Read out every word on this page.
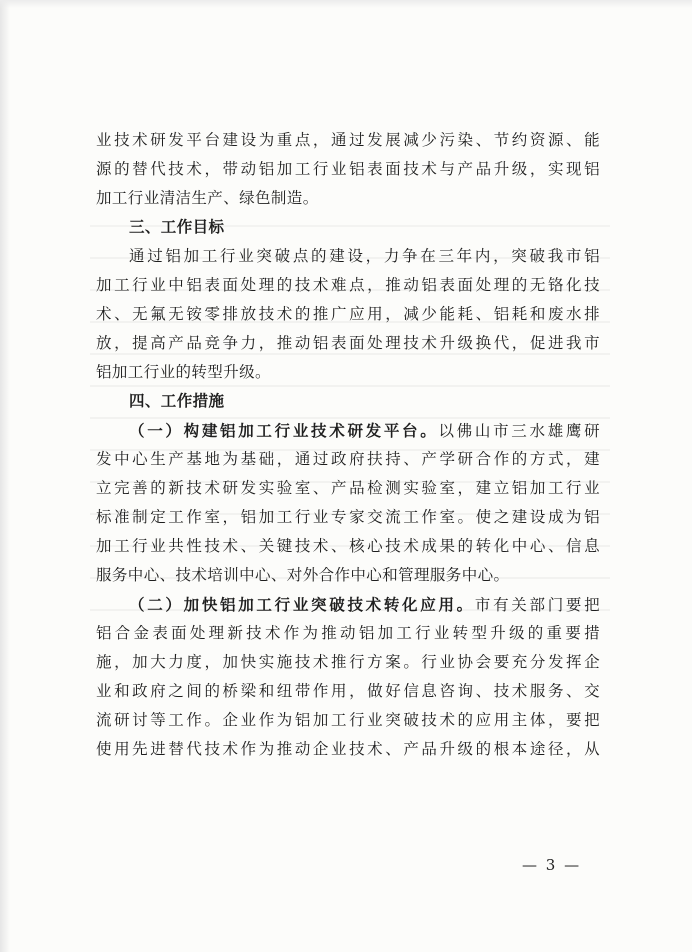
业技术研发平台建设为重点，通过发展减少污染、节约资源、能
源的替代技术，带动铝加工行业铝表面技术与产品升级，实现铝
加工行业清洁生产、绿色制造。
三、工作目标
通过铝加工行业突破点的建设，力争在三年内，突破我市铝
加工行业中铝表面处理的技术难点，推动铝表面处理的无铬化技
术、无氟无铵零排放技术的推广应用，减少能耗、铝耗和废水排
放，提高产品竞争力，推动铝表面处理技术升级换代，促进我市
铝加工行业的转型升级。
四、工作措施
（一）构建铝加工行业技术研发平台。以佛山市三水雄鹰研
发中心生产基地为基础，通过政府扶持、产学研合作的方式，建
立完善的新技术研发实验室、产品检测实验室，建立铝加工行业
标准制定工作室，铝加工行业专家交流工作室。使之建设成为铝
加工行业共性技术、关键技术、核心技术成果的转化中心、信息
服务中心、技术培训中心、对外合作中心和管理服务中心。
（二）加快铝加工行业突破技术转化应用。市有关部门要把
铝合金表面处理新技术作为推动铝加工行业转型升级的重要措
施，加大力度，加快实施技术推行方案。行业协会要充分发挥企
业和政府之间的桥梁和纽带作用，做好信息咨询、技术服务、交
流研讨等工作。企业作为铝加工行业突破技术的应用主体，要把
使用先进替代技术作为推动企业技术、产品升级的根本途径，从
— 3 —
